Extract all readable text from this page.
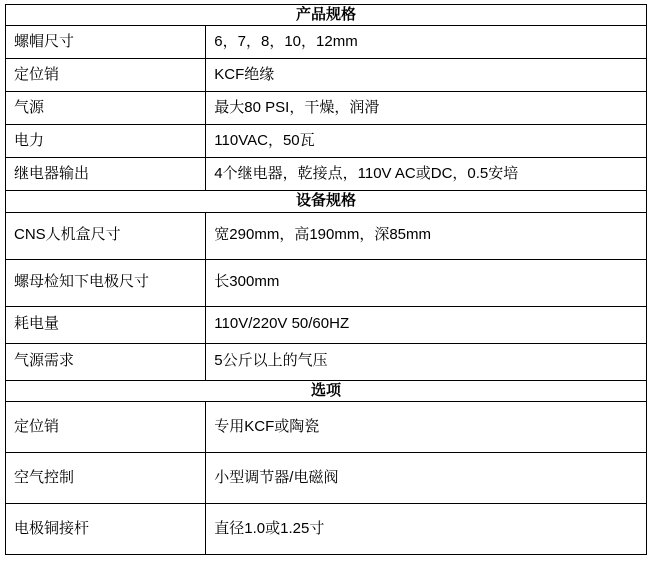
产品规格	
螺帽尺寸	6，7，8，10，12mm
定位销	KCF绝缘
气源	最大80 PSI，干燥，润滑
电力	110VAC，50瓦
继电器输出	4个继电器，乾接点，110V AC或DC，0.5安培
设备规格	
CNS人机盒尺寸	宽290mm，高190mm，深85mm
螺母检知下电极尺寸	长300mm
耗电量	110V/220V 50/60HZ
气源需求	5公斤以上的气压
选项	
定位销	专用KCF或陶瓷
空气控制	小型调节器/电磁阀
电极铜接杆	直径1.0或1.25寸
